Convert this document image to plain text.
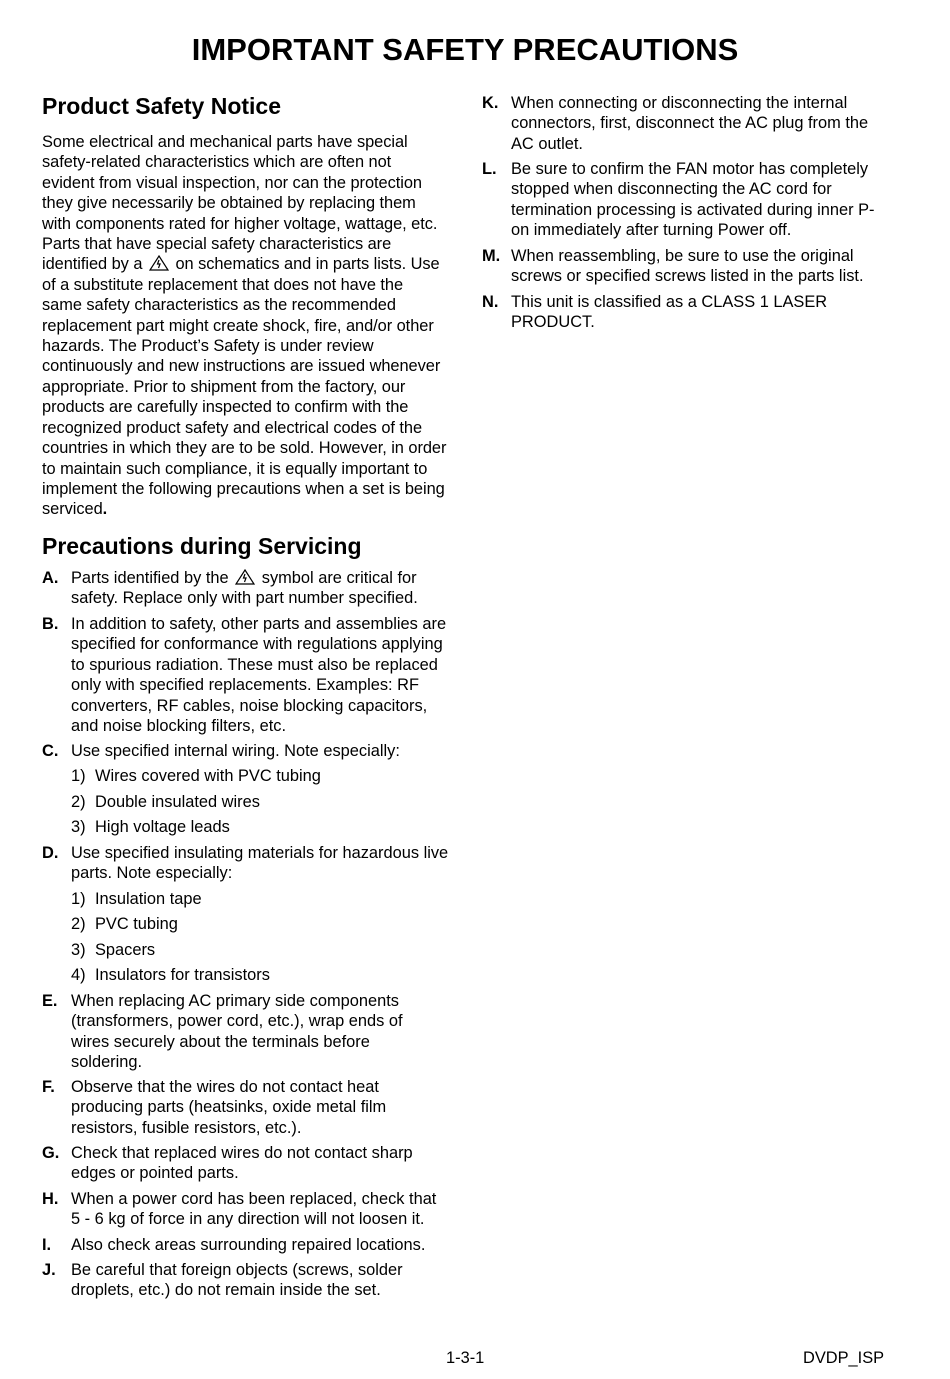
IMPORTANT SAFETY PRECAUTIONS
Product Safety Notice

Some electrical and mechanical parts have special safety-related characteristics which are often not evident from visual inspection, nor can the protection they give necessarily be obtained by replacing them with components rated for higher voltage, wattage, etc. Parts that have special safety characteristics are identified by a on schematics and in parts lists. Use of a substitute replacement that does not have the same safety characteristics as the recommended replacement part might create shock, fire, and/or other hazards. The Product’s Safety is under review continuously and new instructions are issued whenever appropriate. Prior to shipment from the factory, our products are carefully inspected to confirm with the recognized product safety and electrical codes of the countries in which they are to be sold. However, in order to maintain such compliance, it is equally important to implement the following precautions when a set is being serviced.

Precautions during Servicing
A. Parts identified by the symbol are critical for safety. Replace only with part number specified.
B. In addition to safety, other parts and assemblies are specified for conformance with regulations applying to spurious radiation. These must also be replaced only with specified replacements. Examples: RF converters, RF cables, noise blocking capacitors, and noise blocking filters, etc.
C. Use specified internal wiring. Note especially:
1) Wires covered with PVC tubing
2) Double insulated wires
3) High voltage leads
D. Use specified insulating materials for hazardous live parts. Note especially:
1) Insulation tape
2) PVC tubing
3) Spacers
4) Insulators for transistors
E. When replacing AC primary side components (transformers, power cord, etc.), wrap ends of wires securely about the terminals before soldering.
F. Observe that the wires do not contact heat producing parts (heatsinks, oxide metal film resistors, fusible resistors, etc.).
G. Check that replaced wires do not contact sharp edges or pointed parts.
H. When a power cord has been replaced, check that 5 - 6 kg of force in any direction will not loosen it.
I. Also check areas surrounding repaired locations.
J. Be careful that foreign objects (screws, solder droplets, etc.) do not remain inside the set.
K. When connecting or disconnecting the internal connectors, first, disconnect the AC plug from the AC outlet.
L. Be sure to confirm the FAN motor has completely stopped when disconnecting the AC cord for termination processing is activated during inner P-on immediately after turning Power off.
M. When reassembling, be sure to use the original screws or specified screws listed in the parts list.
N. This unit is classified as a CLASS 1 LASER PRODUCT.
1-3-1	DVDP_ISP
